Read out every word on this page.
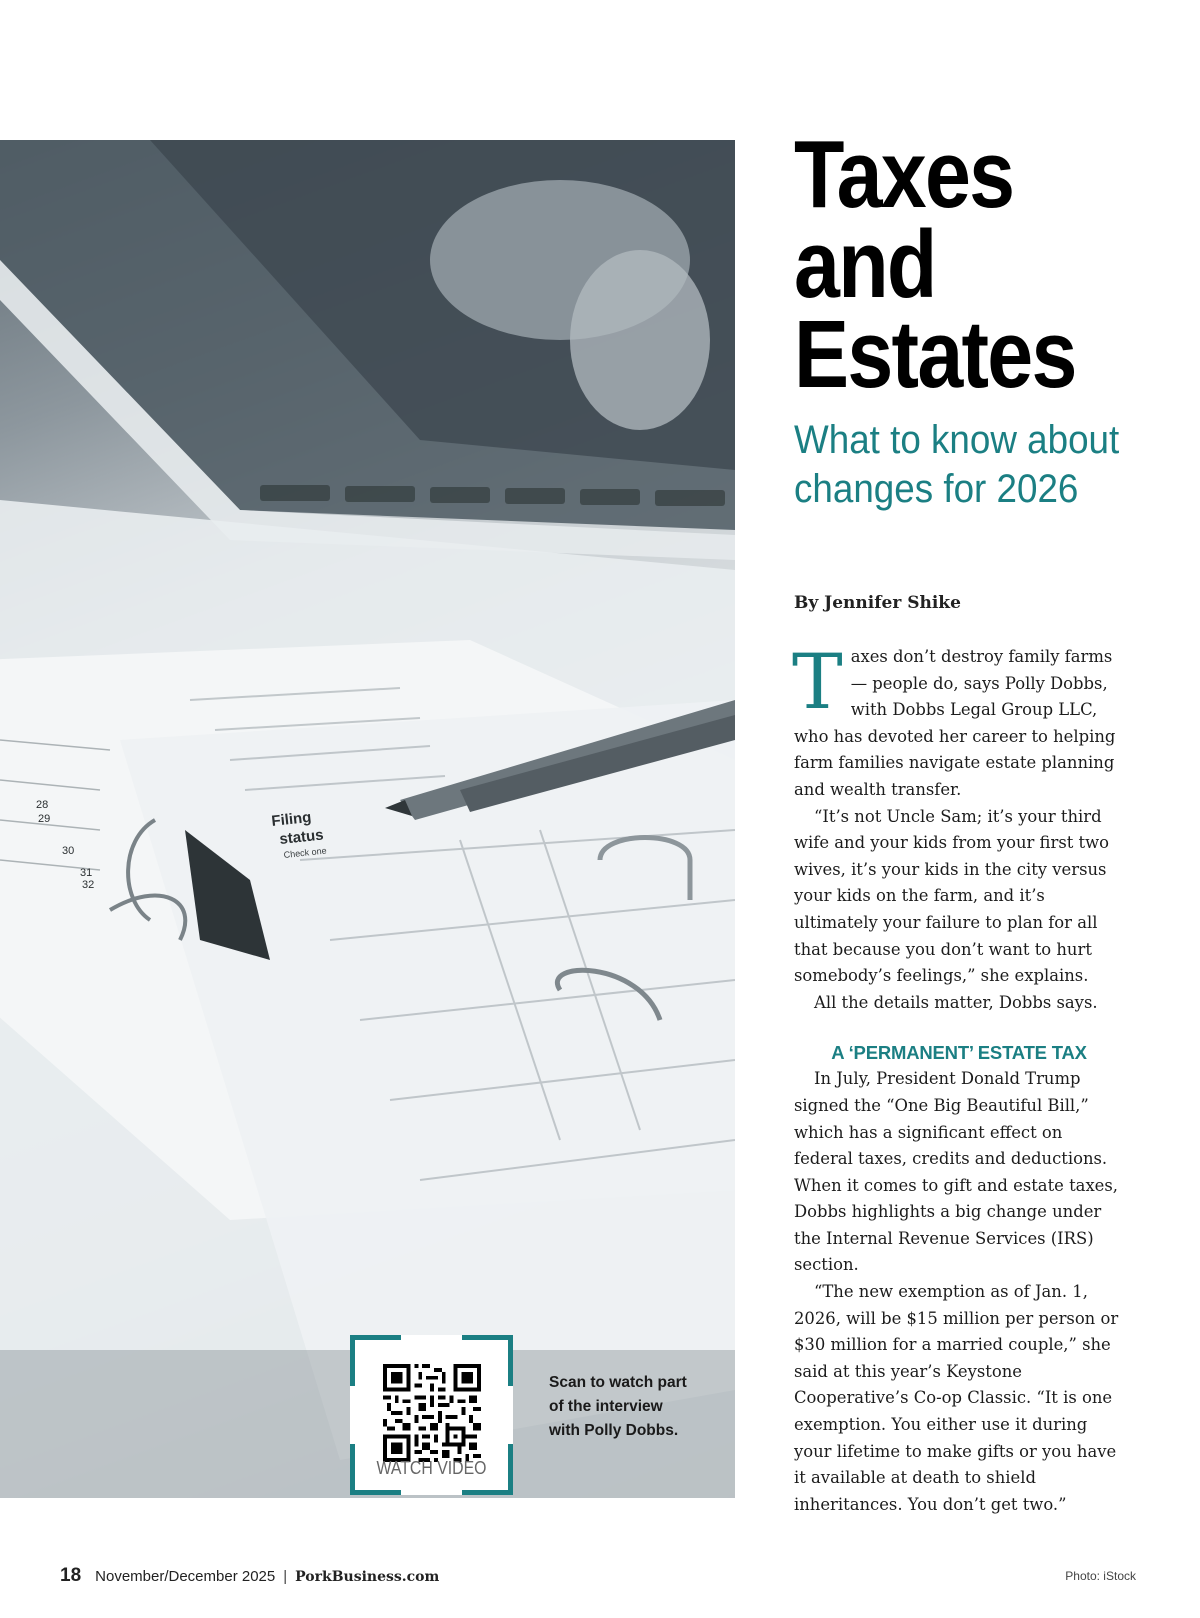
Filing
status
Check one
28
29
30
31
32
Taxes
and
Estates
What to know about
changes for 2026

By Jennifer Shike

Taxes don’t destroy family farms — people do, says Polly Dobbs, with Dobbs Legal Group LLC, who has devoted her career to helping farm families navigate estate planning and wealth transfer.

“It’s not Uncle Sam; it’s your third wife and your kids from your first two wives, it’s your kids in the city versus your kids on the farm, and it’s ultimately your failure to plan for all that because you don’t want to hurt somebody’s feelings,” she explains.

All the details matter, Dobbs says.

A ‘PERMANENT’ ESTATE TAX

In July, President Donald Trump signed the “One Big Beautiful Bill,” which has a significant effect on federal taxes, credits and deductions. When it comes to gift and estate taxes, Dobbs highlights a big change under the Internal Revenue Services (IRS) section.

“The new exemption as of Jan. 1, 2026, will be $15 million per person or $30 million for a married couple,” she said at this year’s Keystone Cooperative’s Co-op Classic. “It is one exemption. You either use it during your lifetime to make gifts or you have it available at death to shield inheritances. You don’t get two.”

WATCH VIDEO

Scan to watch part
of the interview
with Polly Dobbs.

18 November/December 2025 | PorkBusiness.com	Photo: iStock
